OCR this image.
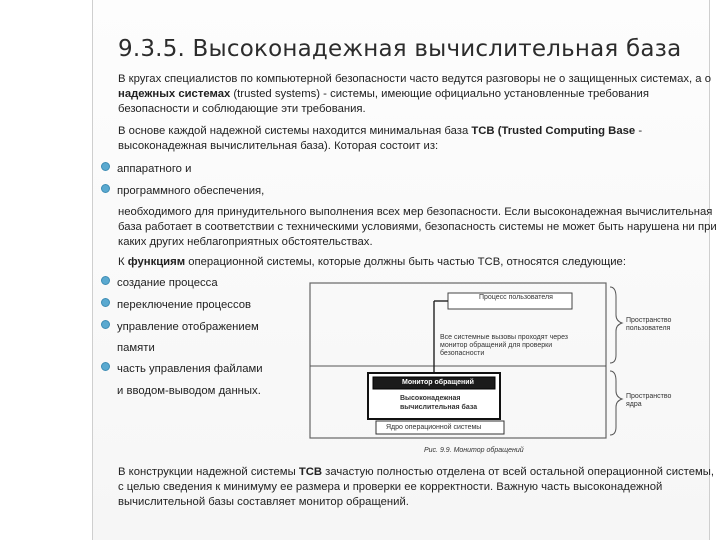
9.3.5. Высоконадежная вычислительная база

В кругах специалистов по компьютерной безопасности часто ведутся разговоры не о защищенных системах, а о надежных системах (trusted systems) - системы, имеющие официально установленные требования безопасности и соблюдающие эти требования.

В основе каждой надежной системы находится минимальная база TCB (Trusted Computing Base - высоконадежная вычислительная база). Которая состоит из:

аппаратного и
программного обеспечения,

необходимого для принудительного выполнения всех мер безопасности. Если высоконадежная вычислительная база работает в соответствии с техническими условиями, безопасность системы не может быть нарушена ни при каких других неблагоприятных обстоятельствах.

К функциям операционной системы, которые должны быть частью TCB, относятся следующие:

создание процесса
переключение процессов
управление отображением
памяти
часть управления файлами
и вводом-выводом данных.
Процесс пользователя
Все системные вызовы проходят через
монитор обращений для проверки
безопасности
Монитор обращений
Высоконадежная
вычислительная база
Ядро операционной системы
Пространство
пользователя
Пространство
ядра
Рис. 9.9. Монитор обращений

В конструкции надежной системы TCB зачастую полностью отделена от всей остальной операционной системы, с целью сведения к минимуму ее размера и проверки ее корректности. Важную часть высоконадежной вычислительной базы составляет монитор обращений.
